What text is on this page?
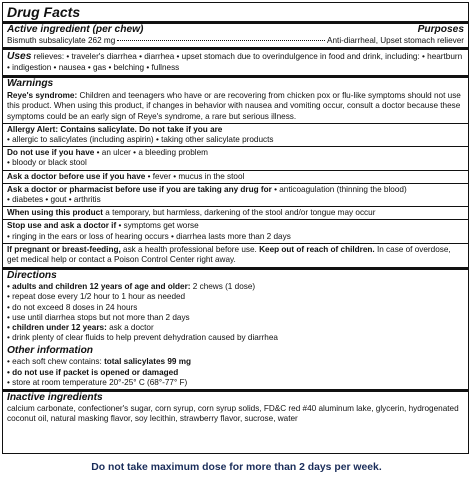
Drug Facts
Active ingredient (per chew)	Purposes
Bismuth subsalicylate 262 mg	Anti-diarrheal, Upset stomach reliever
Uses relieves: • traveler's diarrhea • diarrhea • upset stomach due to overindulgence in food and drink, including: • heartburn
• indigestion • nausea • gas • belching • fullness
Warnings
Reye's syndrome: Children and teenagers who have or are recovering from chicken pox or flu-like symptoms should not use this product. When using this product, if changes in behavior with nausea and vomiting occur, consult a doctor because these symptoms could be an early sign of Reye's syndrome, a rare but serious illness.
Allergy Alert: Contains salicylate. Do not take if you are
• allergic to salicylates (including aspirin) • taking other salicylate products
Do not use if you have • an ulcer • a bleeding problem
• bloody or black stool
Ask a doctor before use if you have • fever • mucus in the stool
Ask a doctor or pharmacist before use if you are taking any drug for • anticoagulation (thinning the blood)
• diabetes • gout • arthritis
When using this product a temporary, but harmless, darkening of the stool and/or tongue may occur
Stop use and ask a doctor if • symptoms get worse
• ringing in the ears or loss of hearing occurs • diarrhea lasts more than 2 days
If pregnant or breast-feeding, ask a health professional before use. Keep out of reach of children. In case of overdose, get medical help or contact a Poison Control Center right away.
Directions
• adults and children 12 years of age and older: 2 chews (1 dose)
• repeat dose every 1/2 hour to 1 hour as needed
• do not exceed 8 doses in 24 hours
• use until diarrhea stops but not more than 2 days
• children under 12 years: ask a doctor
• drink plenty of clear fluids to help prevent dehydration caused by diarrhea
Other information
• each soft chew contains: total salicylates 99 mg
• do not use if packet is opened or damaged
• store at room temperature 20°-25° C (68°-77° F)
Inactive ingredients
calcium carbonate, confectioner's sugar, corn syrup, corn syrup solids, FD&C red #40 aluminum lake, glycerin, hydrogenated coconut oil, natural masking flavor, soy lecithin, strawberry flavor, sucrose, water
Do not take maximum dose for more than 2 days per week.
